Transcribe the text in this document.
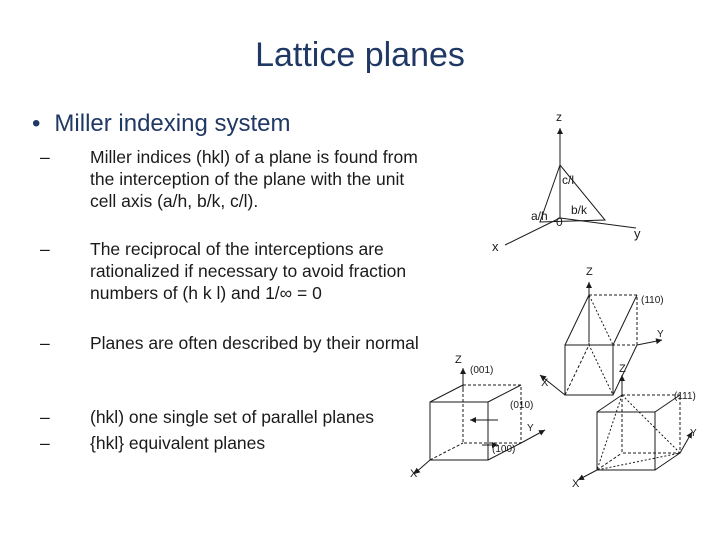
Lattice planes
• Miller indexing system
– Miller indices (hkl) of a plane is found from the interception of the plane with the unit cell axis (a/h, b/k, c/l).
– The reciprocal of the interceptions are rationalized if necessary to avoid fraction numbers of (h k l) and 1/∞ = 0
– Planes are often described by their normal
– (hkl) one single set of parallel planes
– {hkl} equivalent planes
z
c/l
a/h b/k
0
y
x
Z
(110)
Y
X
Z
(001)
(010)
Y
(100)
X
Z
(111)
Y
X
